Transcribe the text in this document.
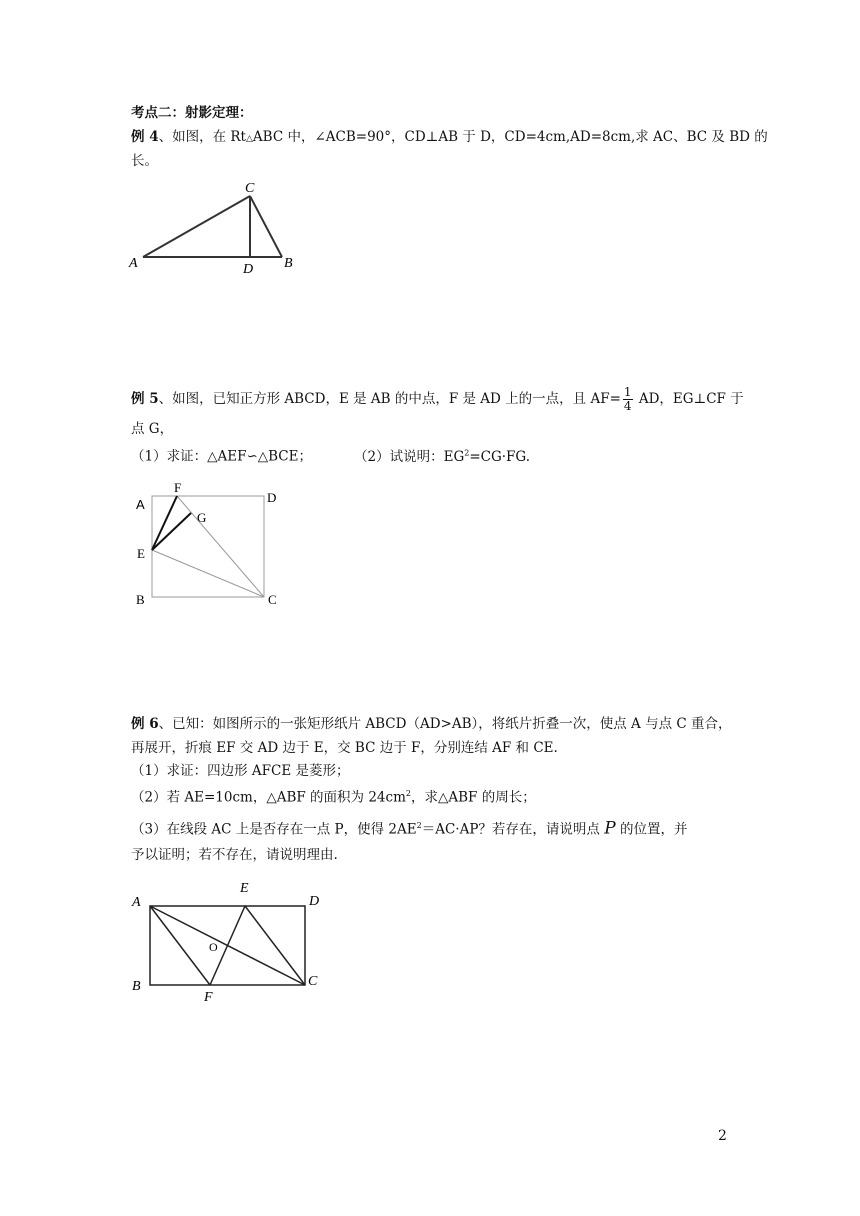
考点二：射影定理：
例 4、如图，在 Rt△ABC 中，∠ACB=90°，CD⊥AB 于 D，CD=4cm,AD=8cm,求 AC、BC 及 BD 的
长。
C
A	D B
例 5、如图，已知正方形 ABCD，E 是 AB 的中点，F 是 AD 上的一点，且 $AF= \frac{1}{4}$ AD，EG⊥CF 于
点 G，
（1）求证：△AEF∽△BCE；	（2）试说明：$EG^2=CG\cdot FG$.
A
F
D
G
E
B	C
例 6、已知：如图所示的一张矩形纸片 ABCD（AD>AB），将纸片折叠一次，使点 A 与点 C 重合，
再展开，折痕 EF 交 AD 边于 E，交 BC 边于 F，分别连结 AF 和 CE.
（1）求证：四边形 AFCE 是菱形；
（2）若 AE=10cm，△ABF 的面积为 $24cm^2$，求△ABF 的周长；
（3）在线段 AC 上是否存在一点 P，使得 $2AE^2=AC\cdot AP$？若存在，请说明点 P 的位置，并
予以证明；若不存在，请说明理由.
A
E
D
O
B
F
C
2
